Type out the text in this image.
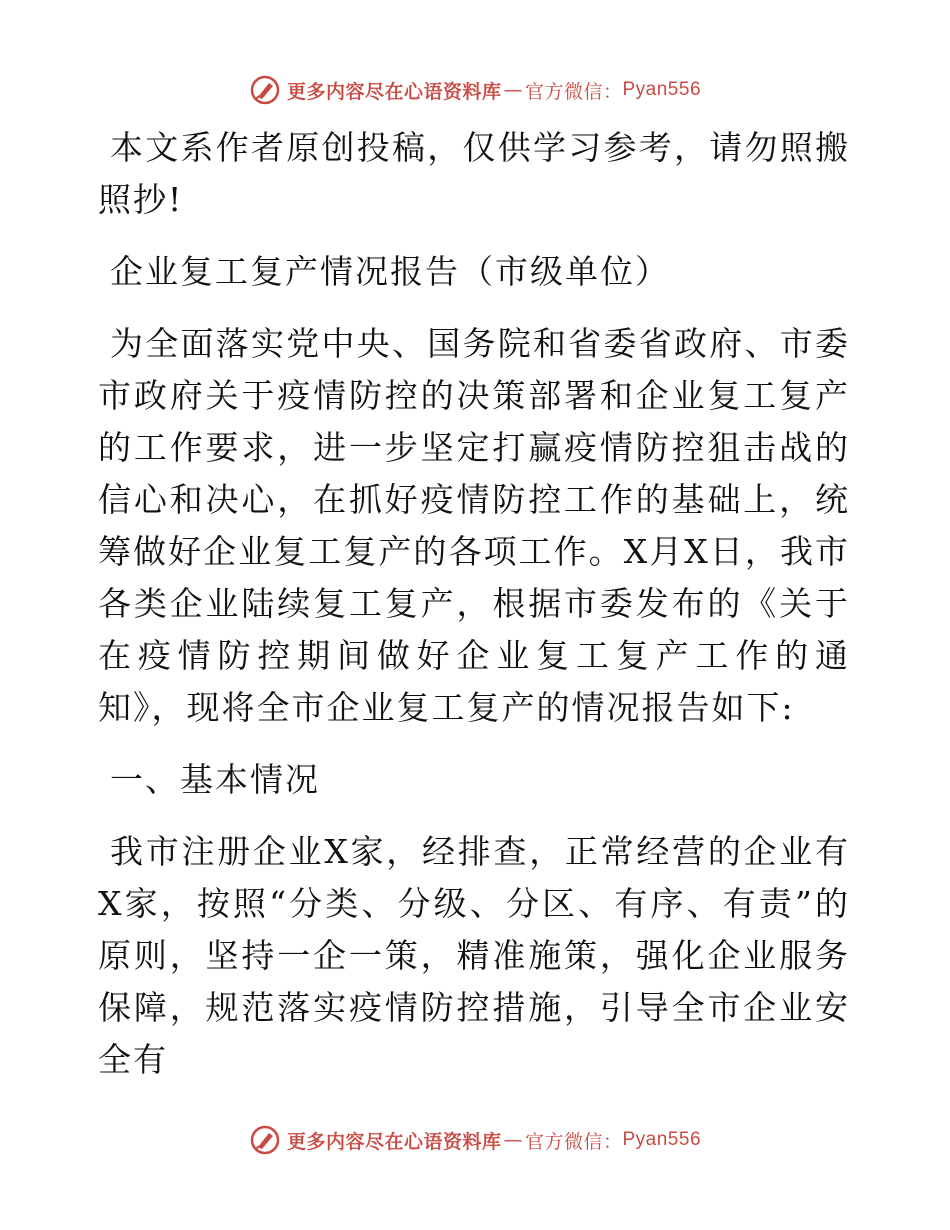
更多内容尽在心语资料库 — 官方微信： Pyan556

本文系作者原创投稿，仅供学习参考，请勿照搬照抄!

企业复工复产情况报告（市级单位）

为全面落实党中央、国务院和省委省政府、市委市政府关于疫情防控的决策部署和企业复工复产的工作要求，进一步坚定打赢疫情防控狙击战的信心和决心，在抓好疫情防控工作的基础上，统筹做好企业复工复产的各项工作。X月X日，我市各类企业陆续复工复产，根据市委发布的《关于在疫情防控期间做好企业复工复产工作的通知》，现将全市企业复工复产的情况报告如下:

一、基本情况

我市注册企业X家，经排查，正常经营的企业有X家，按照“分类、分级、分区、有序、有责”的原则，坚持一企一策，精准施策，强化企业服务保障，规范落实疫情防控措施，引导全市企业安全有

更多内容尽在心语资料库 — 官方微信： Pyan556
